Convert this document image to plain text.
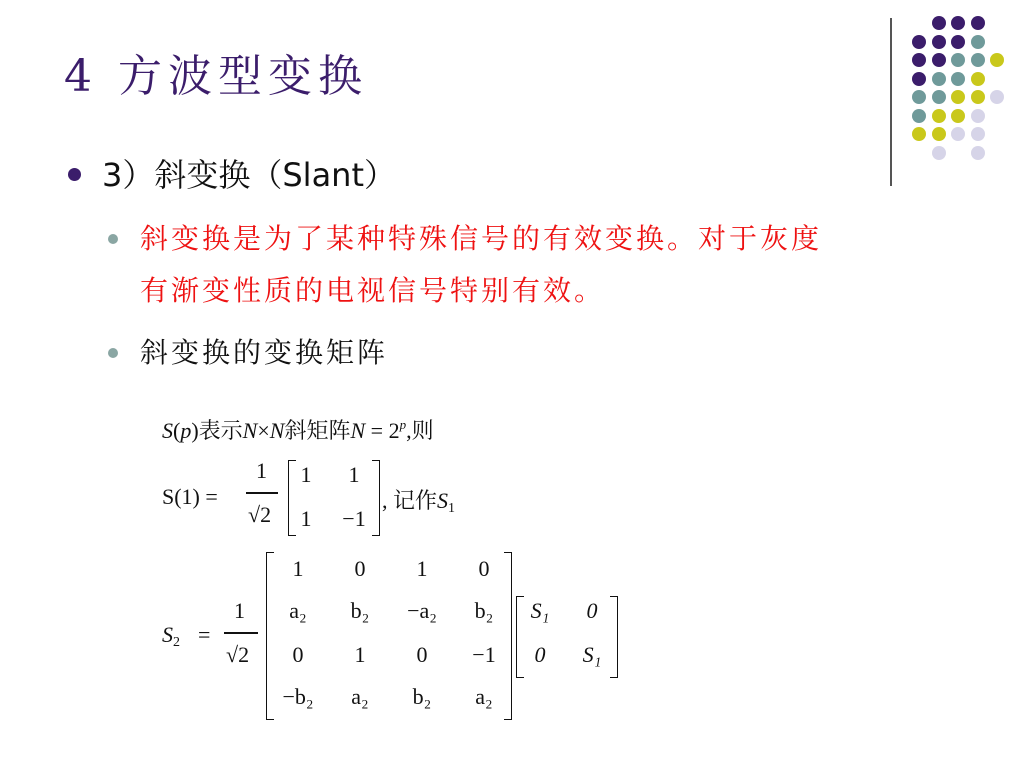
4 方波型变换
3）斜变换（Slant）
斜变换是为了某种特殊信号的有效变换。对于灰度
有渐变性质的电视信号特别有效。
斜变换的变换矩阵
S(p)表示N×N斜矩阵$N = 2^p$,则
S(1) =
1
√2
1	1
1	−1
, 记作$S_1$
$S_2$ =
1
√2
1	0	1	0
a₂	b₂	−a₂	b₂
0	1	0	−1
−b₂	a₂	b₂	a₂
S₁	0
0	S₁
